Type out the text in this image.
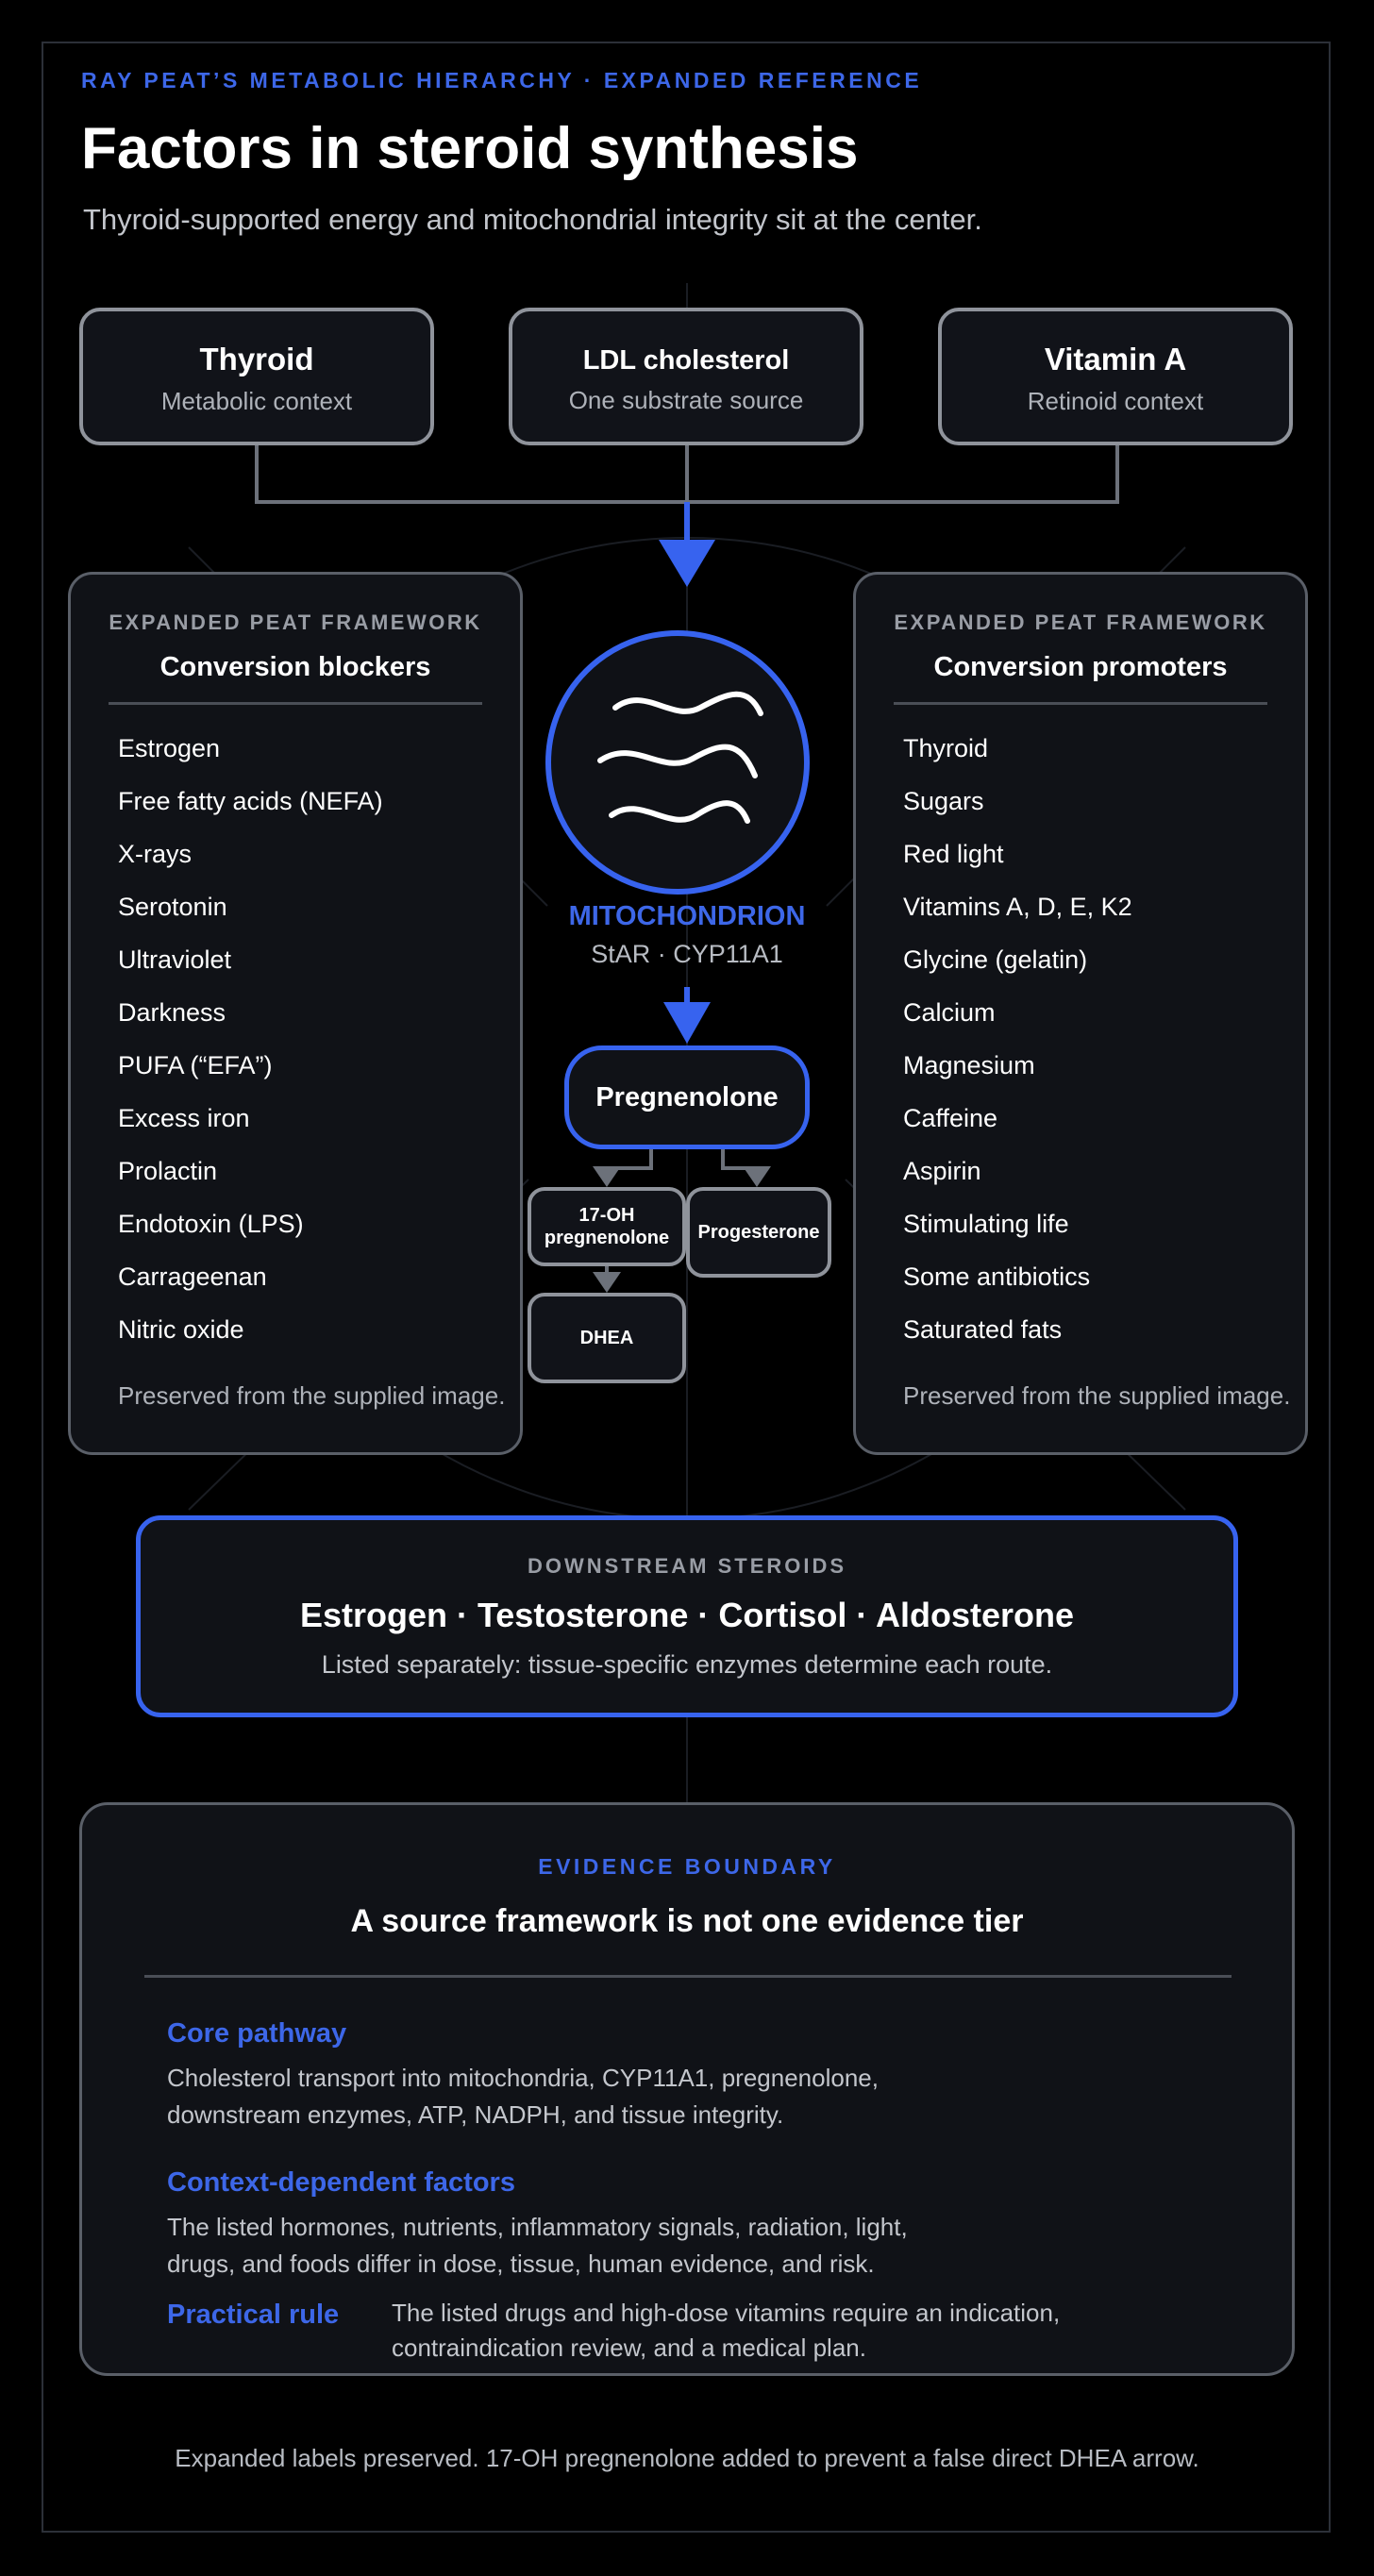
RAY PEAT’S METABOLIC HIERARCHY · EXPANDED REFERENCE
Factors in steroid synthesis
Thyroid-supported energy and mitochondrial integrity sit at the center.
Thyroid
Metabolic context
LDL cholesterol
One substrate source
Vitamin A
Retinoid context
EXPANDED PEAT FRAMEWORK
Conversion blockers
Estrogen
Free fatty acids (NEFA)
X-rays
Serotonin
Ultraviolet
Darkness
PUFA (“EFA”)
Excess iron
Prolactin
Endotoxin (LPS)
Carrageenan
Nitric oxide
Preserved from the supplied image.
EXPANDED PEAT FRAMEWORK
Conversion promoters
Thyroid
Sugars
Red light
Vitamins A, D, E, K2
Glycine (gelatin)
Calcium
Magnesium
Caffeine
Aspirin
Stimulating life
Some antibiotics
Saturated fats
Preserved from the supplied image.
MITOCHONDRION
StAR · CYP11A1
Pregnenolone
17-OH
pregnenolone Progesterone
DHEA
DOWNSTREAM STEROIDS
Estrogen · Testosterone · Cortisol · Aldosterone
Listed separately: tissue-specific enzymes determine each route.
EVIDENCE BOUNDARY
A source framework is not one evidence tier
Core pathway
Cholesterol transport into mitochondria, CYP11A1, pregnenolone,
downstream enzymes, ATP, NADPH, and tissue integrity.
Context-dependent factors
The listed hormones, nutrients, inflammatory signals, radiation, light,
drugs, and foods differ in dose, tissue, human evidence, and risk.
Practical rule The listed drugs and high-dose vitamins require an indication,
contraindication review, and a medical plan.
Expanded labels preserved. 17-OH pregnenolone added to prevent a false direct DHEA arrow.
